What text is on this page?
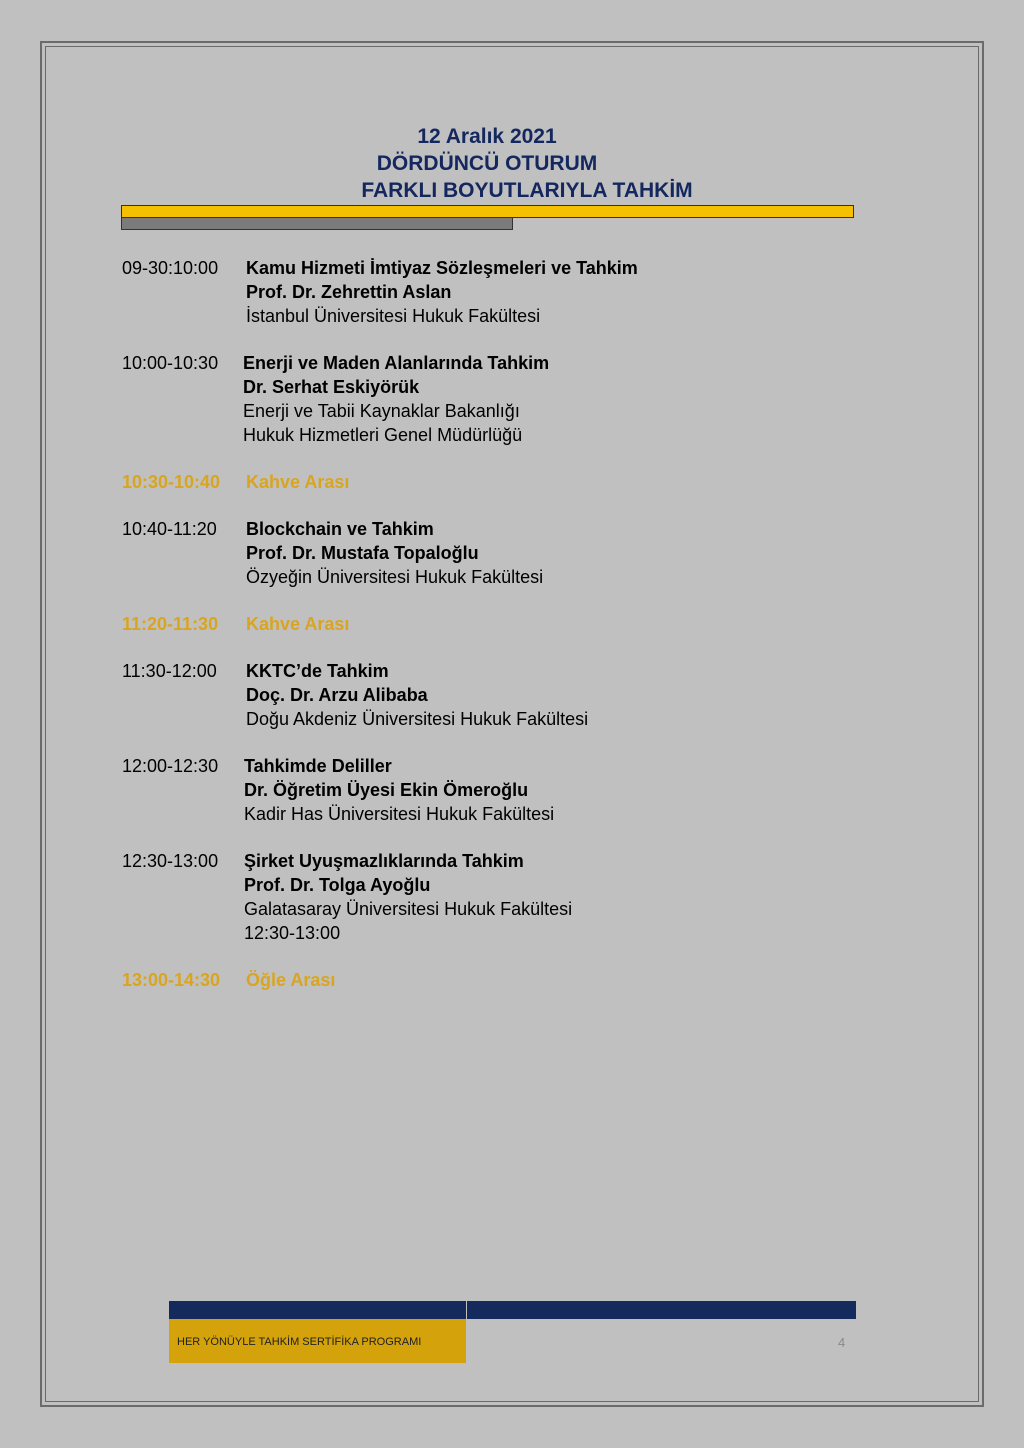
12 Aralık 2021
DÖRDÜNCÜ OTURUM
FARKLI BOYUTLARIYLA TAHKİM
09-30:10:00 Kamu Hizmeti İmtiyaz Sözleşmeleri ve Tahkim
Prof. Dr. Zehrettin Aslan
İstanbul Üniversitesi Hukuk Fakültesi
10:00-10:30 Enerji ve Maden Alanlarında Tahkim
Dr. Serhat Eskiyörük
Enerji ve Tabii Kaynaklar Bakanlığı
Hukuk Hizmetleri Genel Müdürlüğü
10:30-10:40 Kahve Arası
10:40-11:20 Blockchain ve Tahkim
Prof. Dr. Mustafa Topaloğlu
Özyeğin Üniversitesi Hukuk Fakültesi
11:20-11:30 Kahve Arası
11:30-12:00 KKTC’de Tahkim
Doç. Dr. Arzu Alibaba
Doğu Akdeniz Üniversitesi Hukuk Fakültesi
12:00-12:30 Tahkimde Deliller
Dr. Öğretim Üyesi Ekin Ömeroğlu
Kadir Has Üniversitesi Hukuk Fakültesi
12:30-13:00 Şirket Uyuşmazlıklarında Tahkim
Prof. Dr. Tolga Ayoğlu
Galatasaray Üniversitesi Hukuk Fakültesi
12:30-13:00
13:00-14:30 Öğle Arası
HER YÖNÜYLE TAHKİM SERTİFİKA PROGRAMI	4
